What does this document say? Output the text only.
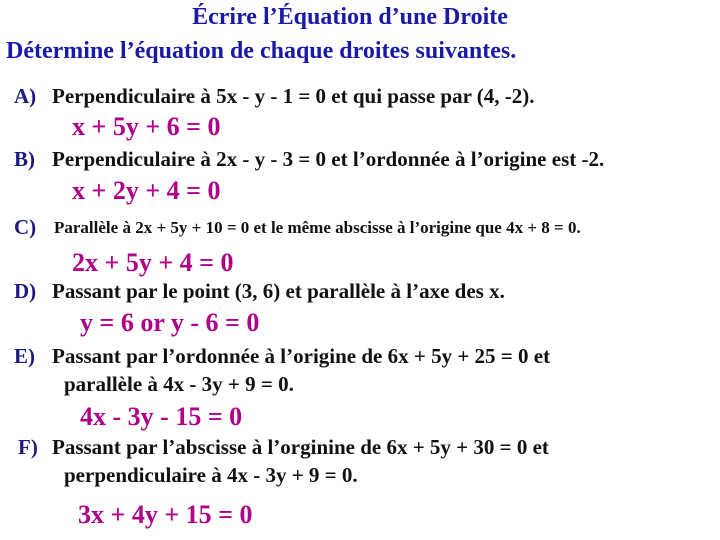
Écrire l’Équation d’une Droite
Détermine l’équation de chaque droites suivantes.
A) Perpendiculaire à 5x - y - 1 = 0 et qui passe par (4, -2).
x + 5y + 6 = 0
B) Perpendiculaire à 2x - y - 3 = 0 et l’ordonnée à l’origine est -2.
x + 2y + 4 = 0
C) Parallèle à 2x + 5y + 10 = 0 et le même abscisse à l’origine que 4x + 8 = 0.
2x + 5y + 4 = 0
D) Passant par le point (3, 6) et parallèle à l’axe des x.
y = 6 or y - 6 = 0
E) Passant par l’ordonnée à l’origine de 6x + 5y + 25 = 0 et
parallèle à 4x - 3y + 9 = 0.
4x - 3y - 15 = 0
F) Passant par l’abscisse à l’orginine de 6x + 5y + 30 = 0 et
perpendiculaire à 4x - 3y + 9 = 0.
3x + 4y + 15 = 0
